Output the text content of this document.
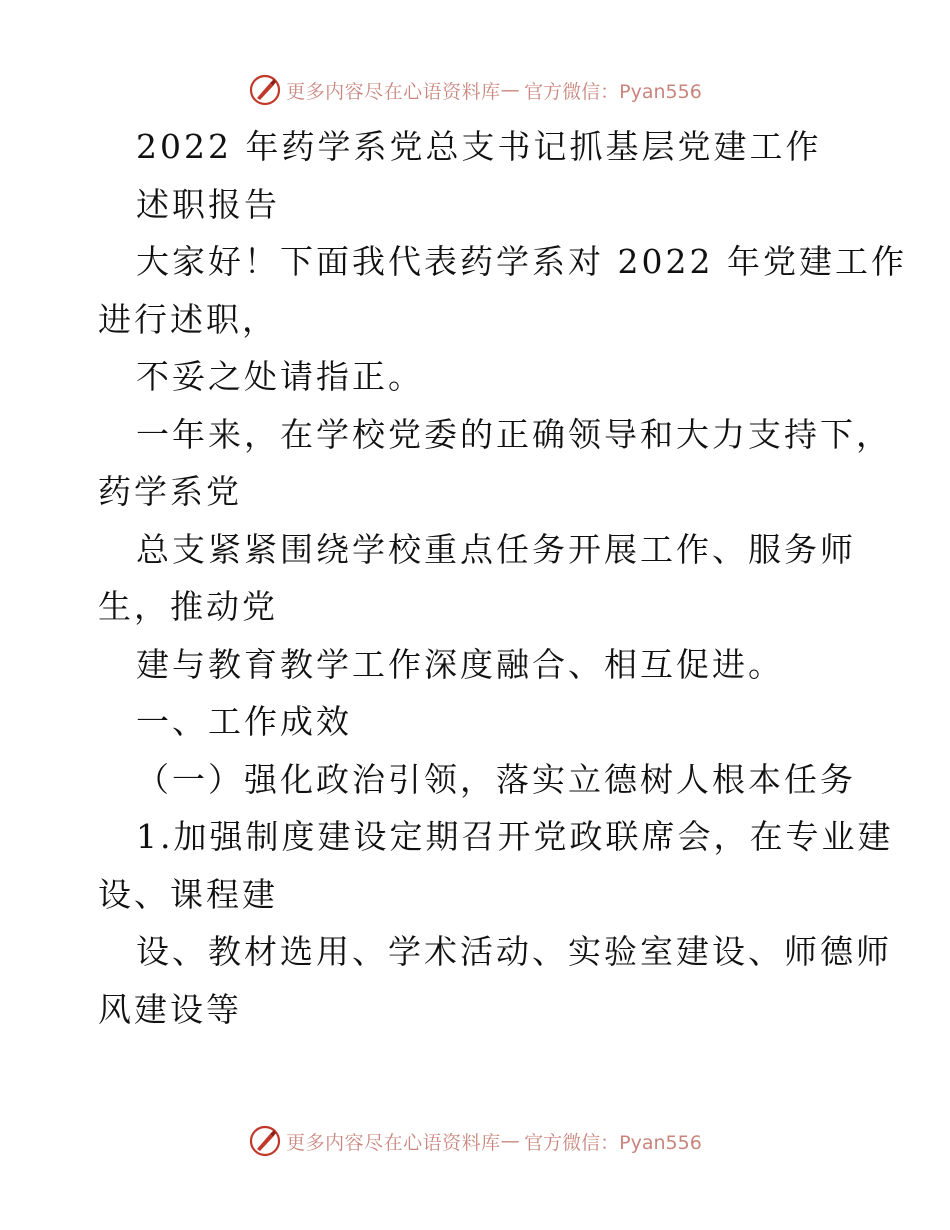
更多内容尽在心语资料库 — 官方微信：Pyan556
2022 年药学系党总支书记抓基层党建工作
述职报告
大家好！下面我代表药学系对 2022 年党建工作
进行述职，
不妥之处请指正。
一年来，在学校党委的正确领导和大力支持下，
药学系党
总支紧紧围绕学校重点任务开展工作、服务师
生，推动党
建与教育教学工作深度融合、相互促进。
一、工作成效
（一）强化政治引领，落实立德树人根本任务
1.加强制度建设定期召开党政联席会，在专业建
设、课程建
设、教材选用、学术活动、实验室建设、师德师
风建设等
更多内容尽在心语资料库 — 官方微信：Pyan556
